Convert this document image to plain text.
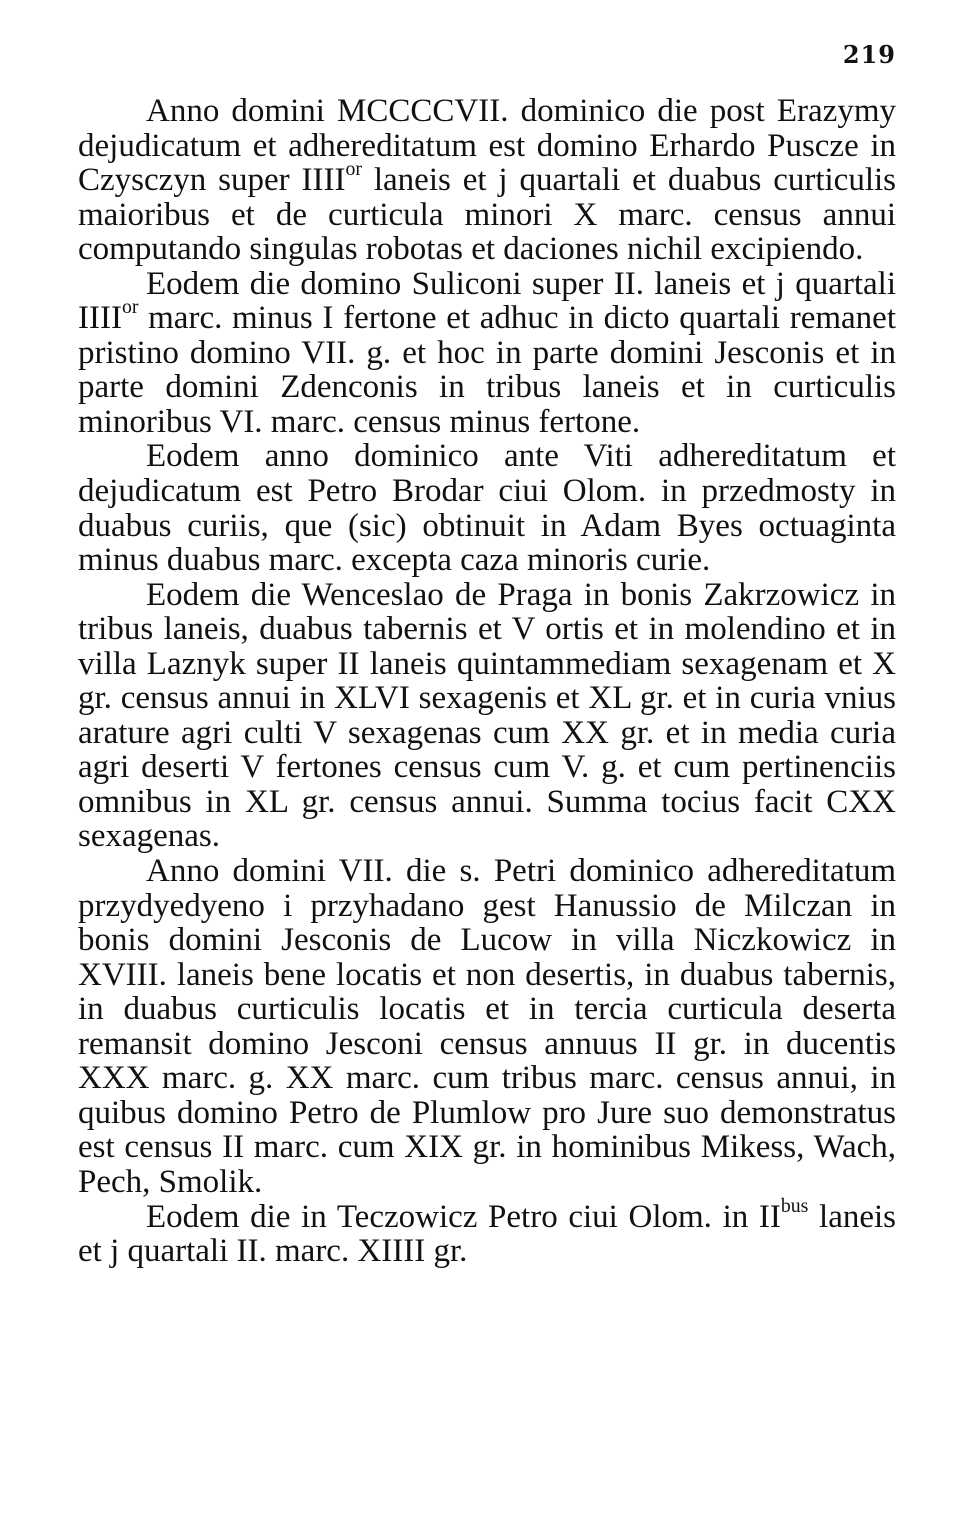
219

Anno domini MCCCCVII. dominico die post Erazymy dejudicatum et adhereditatum est domino Erhardo Puscze in Czysczyn super $IIII^{or}$ laneis et j quartali et duabus curticulis maioribus et de curticula minori X marc. census annui computando singulas robotas et daciones nichil excipiendo.

Eodem die domino Suliconi super II. laneis et j quartali $IIII^{or}$ marc. minus I fertone et adhuc in dicto quartali remanet pristino domino VII. g. et hoc in parte domini Jesconis et in parte domini Zdenconis in tribus laneis et in curticulis minoribus VI. marc. census minus fertone.

Eodem anno dominico ante Viti adhereditatum et dejudicatum est Petro Brodar ciui Olom. in przedmosty in duabus curiis, que (sic) obtinuit in Adam Byes octuaginta minus duabus marc. excepta caza minoris curie.

Eodem die Wenceslao de Praga in bonis Zakrzowicz in tribus laneis, duabus tabernis et V ortis et in molendino et in villa Laznyk super II laneis quintammediam sexagenam et X gr. census annui in XLVI sexagenis et XL gr. et in curia vnius arature agri culti V sexagenas cum XX gr. et in media curia agri deserti V fertones census cum V. g. et cum pertinenciis omnibus in XL gr. census annui. Summa tocius facit CXX sexagenas.

Anno domini VII. die s. Petri dominico adhereditatum przydyedyeno i przyhadano gest Hanussio de Milczan in bonis domini Jesconis de Lucow in villa Niczkowicz in XVIII. laneis bene locatis et non desertis, in duabus tabernis, in duabus curticulis locatis et in tercia curticula deserta remansit domino Jesconi census annuus II gr. in ducentis XXX marc. g. XX marc. cum tribus marc. census annui, in quibus domino Petro de Plumlow pro Jure suo demonstratus est census II marc. cum XIX gr. in hominibus Mikess, Wach, Pech, Smolik.

Eodem die in Teczowicz Petro ciui Olom. in $II^{bus}$ laneis et j quartali II. marc. XIIII gr.
